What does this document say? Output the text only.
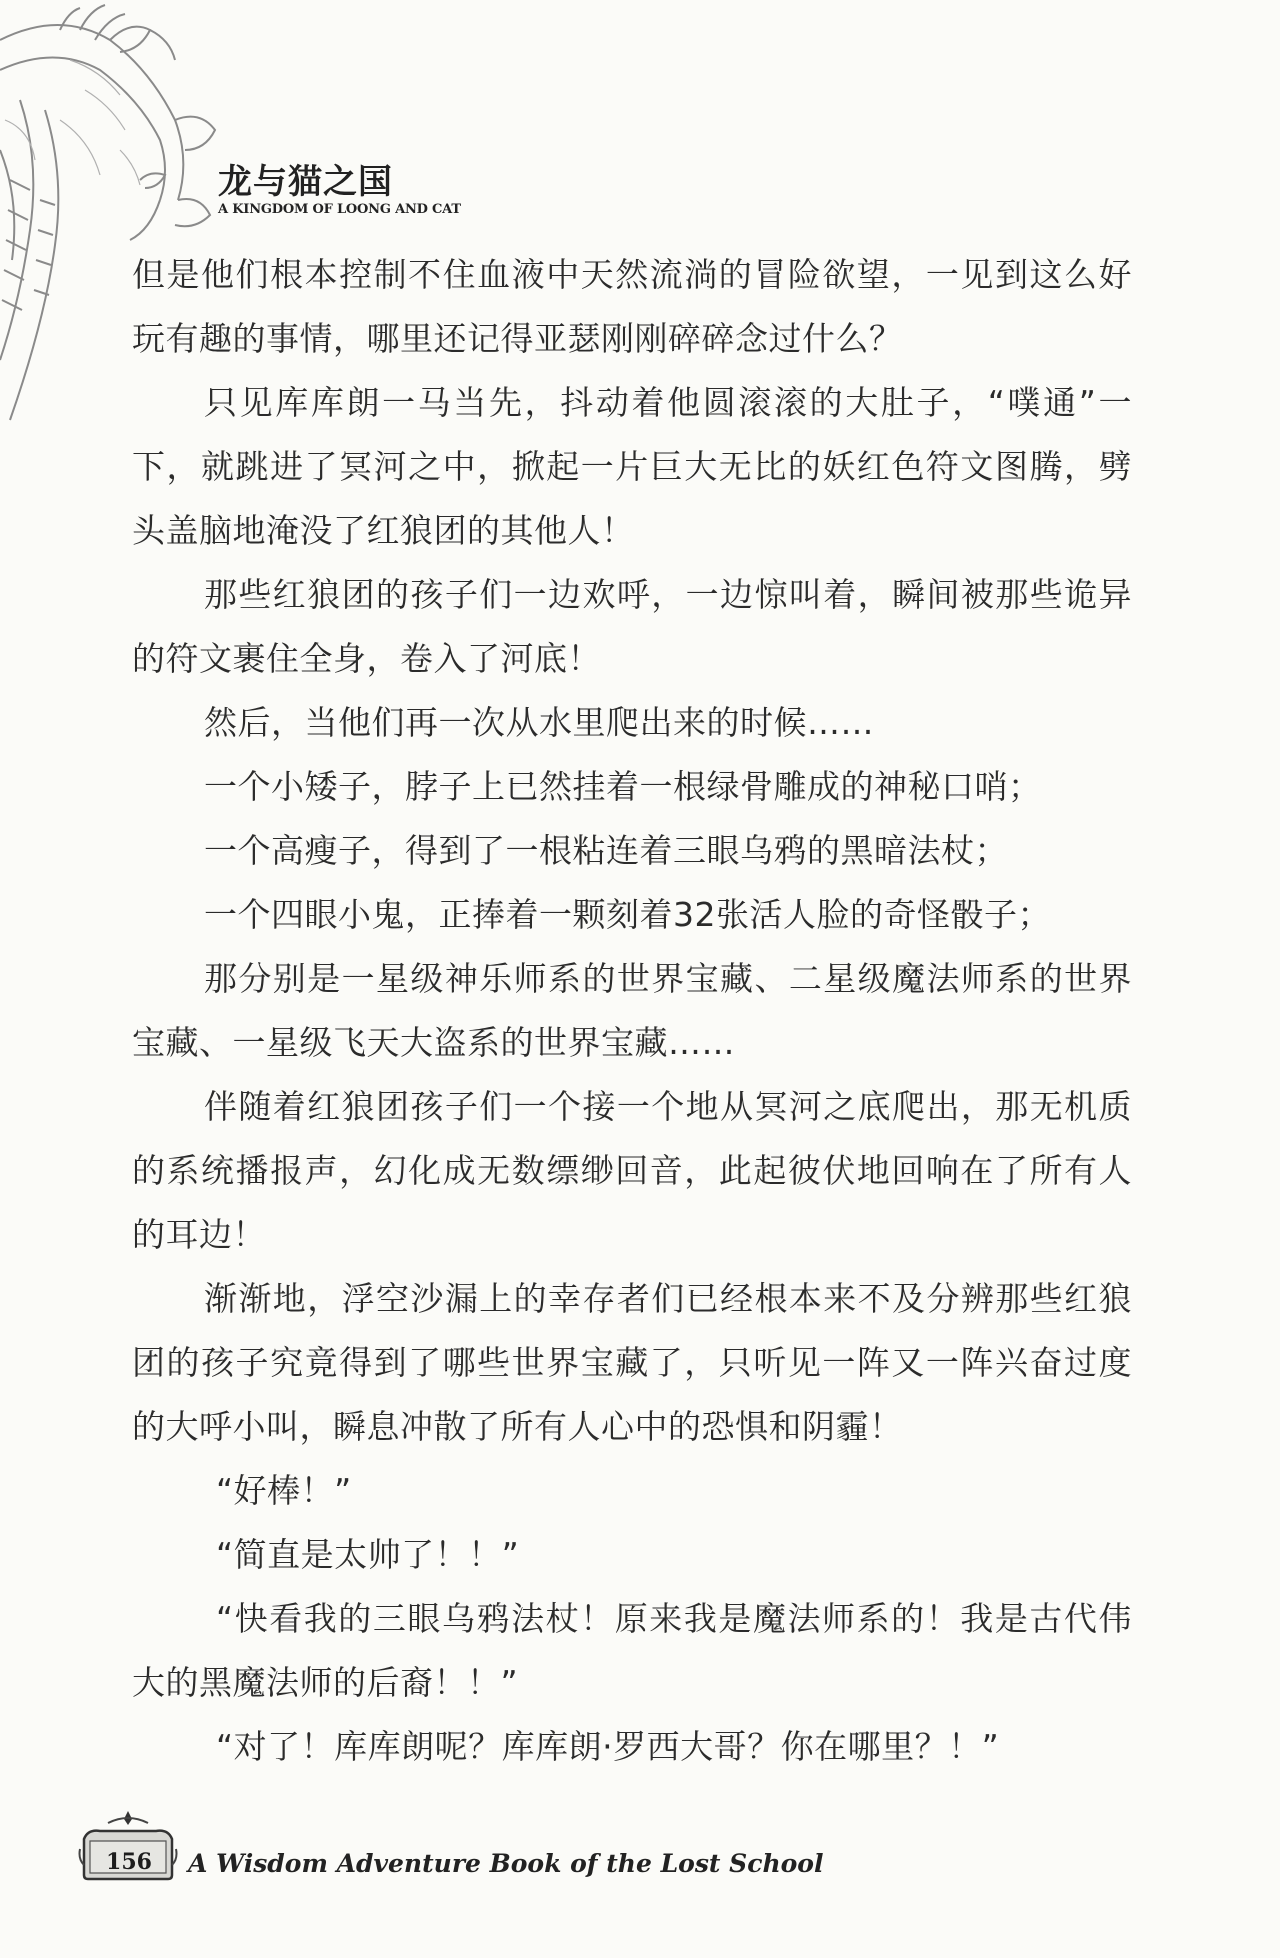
龙与猫之国
A KINGDOM OF LOONG AND CAT

但是他们根本控制不住血液中天然流淌的冒险欲望，一见到这么好玩有趣的事情，哪里还记得亚瑟刚刚碎碎念过什么？

只见库库朗一马当先，抖动着他圆滚滚的大肚子，“噗通”一下，就跳进了冥河之中，掀起一片巨大无比的妖红色符文图腾，劈头盖脑地淹没了红狼团的其他人！

那些红狼团的孩子们一边欢呼，一边惊叫着，瞬间被那些诡异的符文裹住全身，卷入了河底！

然后，当他们再一次从水里爬出来的时候……

一个小矮子，脖子上已然挂着一根绿骨雕成的神秘口哨；

一个高瘦子，得到了一根粘连着三眼乌鸦的黑暗法杖；

一个四眼小鬼，正捧着一颗刻着32张活人脸的奇怪骰子；

那分别是一星级神乐师系的世界宝藏、二星级魔法师系的世界宝藏、一星级飞天大盗系的世界宝藏……

伴随着红狼团孩子们一个接一个地从冥河之底爬出，那无机质的系统播报声，幻化成无数缥缈回音，此起彼伏地回响在了所有人的耳边！

渐渐地，浮空沙漏上的幸存者们已经根本来不及分辨那些红狼团的孩子究竟得到了哪些世界宝藏了，只听见一阵又一阵兴奋过度的大呼小叫，瞬息冲散了所有人心中的恐惧和阴霾！

“好棒！”

“简直是太帅了！！”

“快看我的三眼乌鸦法杖！原来我是魔法师系的！我是古代伟大的黑魔法师的后裔！！”

“对了！库库朗呢？库库朗·罗西大哥？你在哪里？！”

156	A Wisdom Adventure Book of the Lost School
